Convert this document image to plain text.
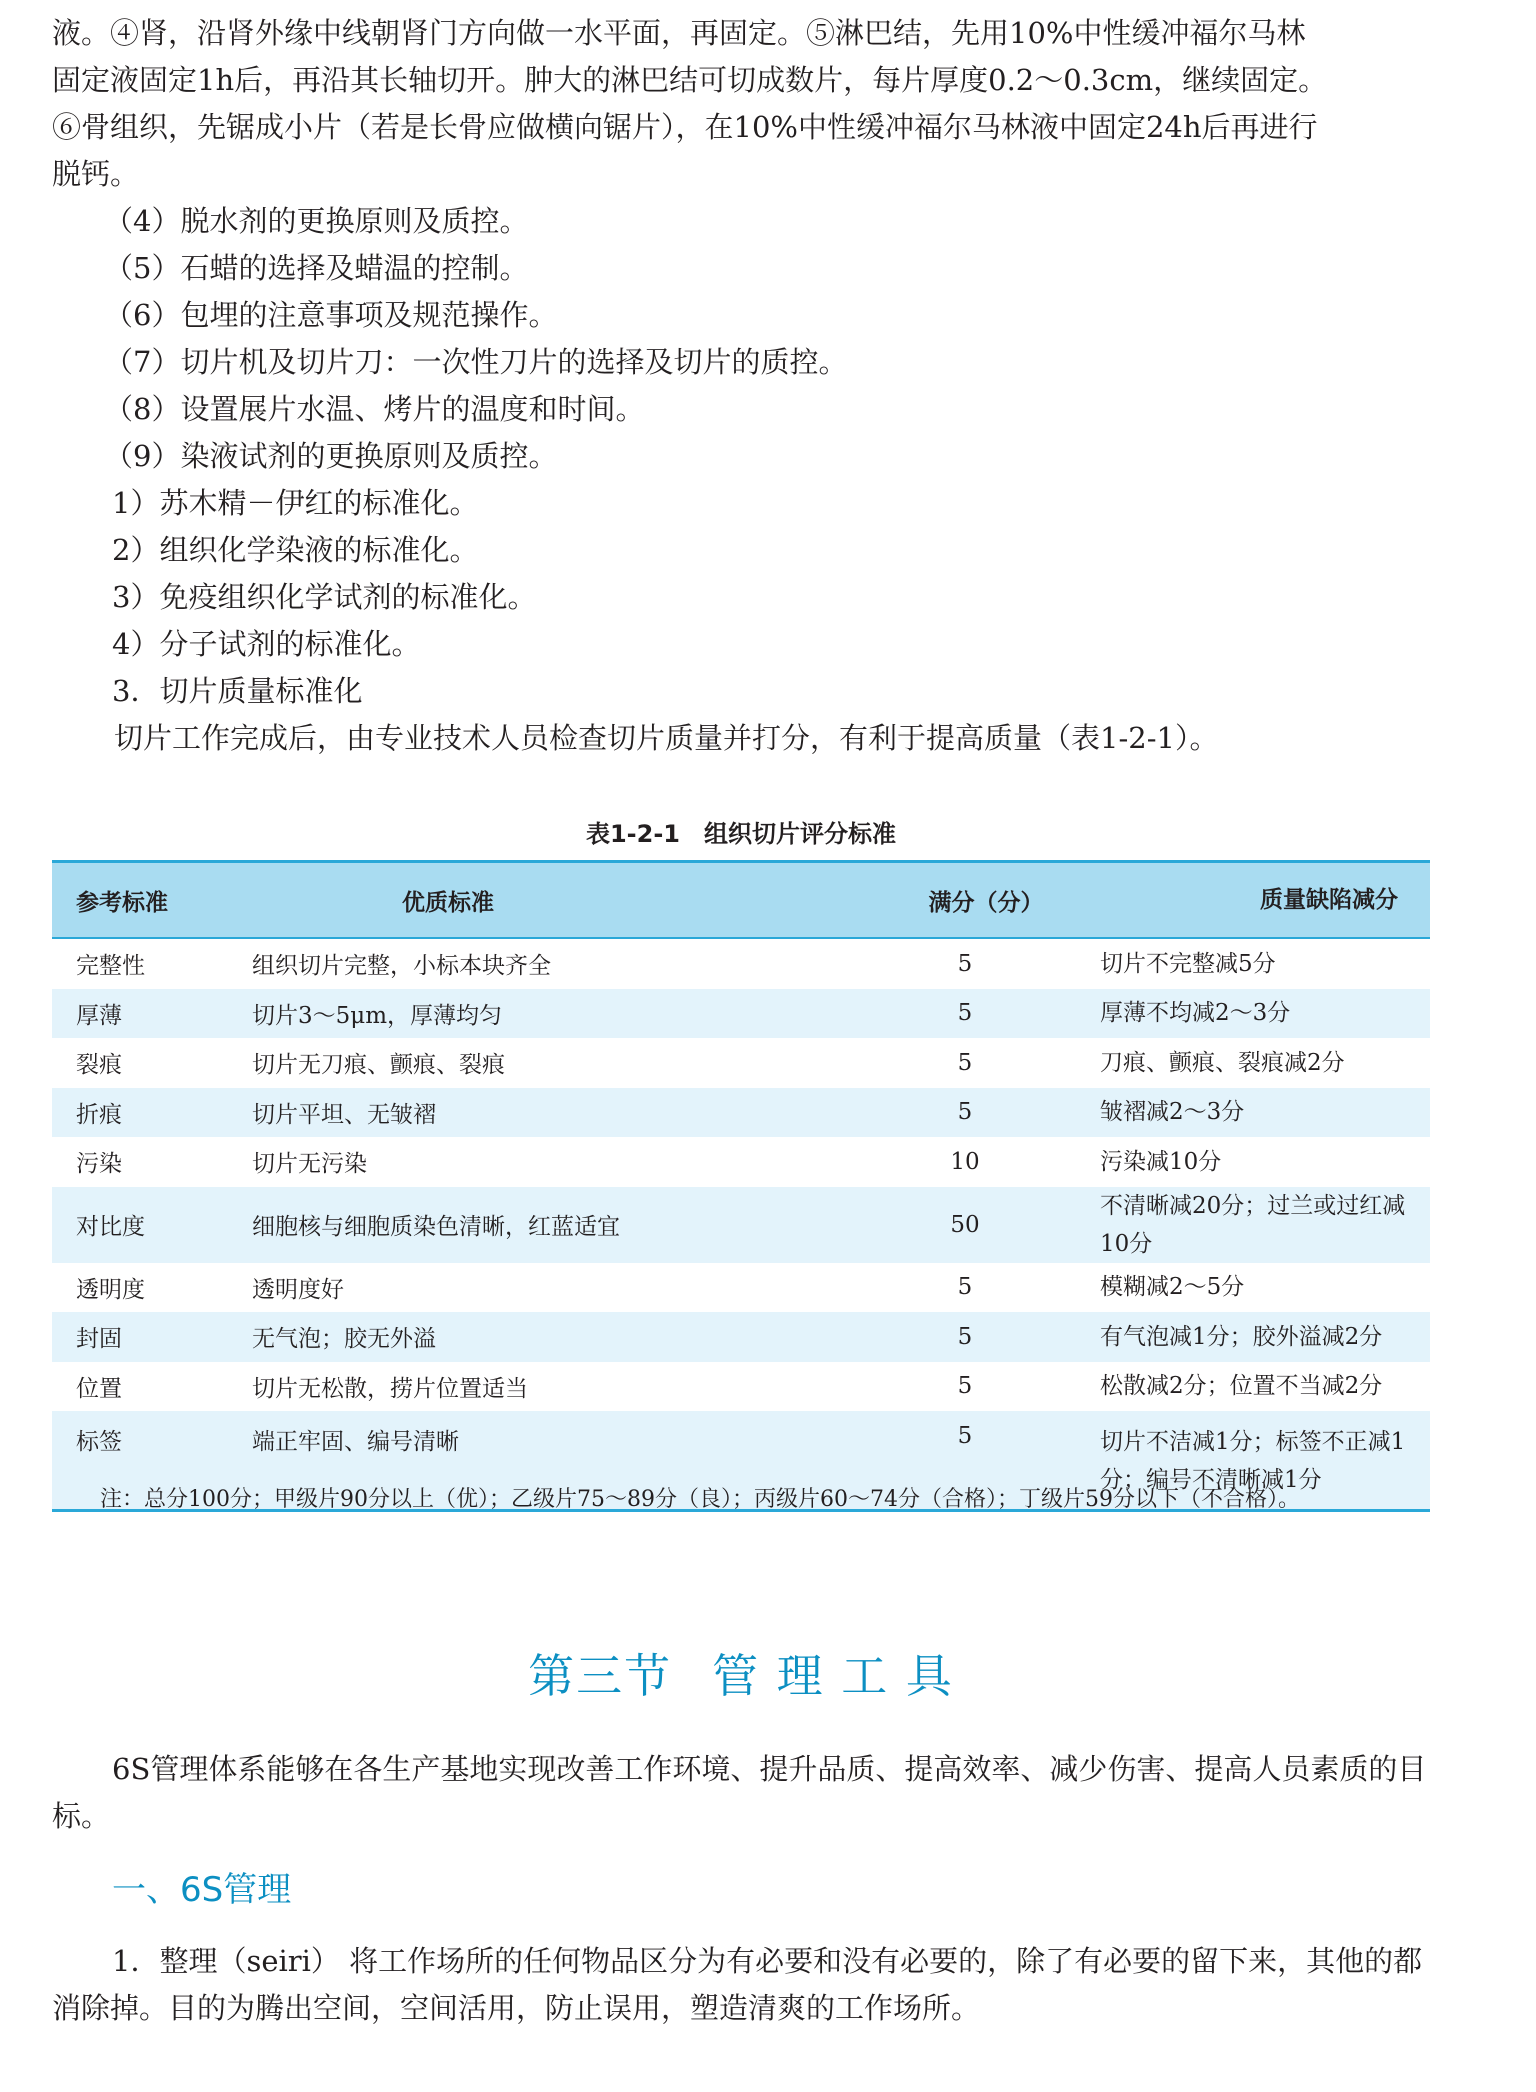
液。④肾，沿肾外缘中线朝肾门方向做一水平面，再固定。⑤淋巴结，先用10%中性缓冲福尔马林

固定液固定1h后，再沿其长轴切开。肿大的淋巴结可切成数片，每片厚度0.2～0.3cm，继续固定。

⑥骨组织，先锯成小片（若是长骨应做横向锯片），在10%中性缓冲福尔马林液中固定24h后再进行

脱钙。

（4）脱水剂的更换原则及质控。

（5）石蜡的选择及蜡温的控制。

（6）包埋的注意事项及规范操作。

（7）切片机及切片刀：一次性刀片的选择及切片的质控。

（8）设置展片水温、烤片的温度和时间。

（9）染液试剂的更换原则及质控。

1）苏木精－伊红的标准化。

2）组织化学染液的标准化。

3）免疫组织化学试剂的标准化。

4）分子试剂的标准化。

3．切片质量标准化

切片工作完成后，由专业技术人员检查切片质量并打分，有利于提高质量（表1-2-1）。

表1-2-1　组织切片评分标准
参考标准	优质标准	满分（分）	质量缺陷减分
完整性	组织切片完整，小标本块齐全	5	切片不完整减5分
厚薄	切片3～5μm，厚薄均匀	5	厚薄不均减2～3分
裂痕	切片无刀痕、颤痕、裂痕	5	刀痕、颤痕、裂痕减2分
折痕	切片平坦、无皱褶	5	皱褶减2～3分
污染	切片无污染	10	污染减10分
对比度	细胞核与细胞质染色清晰，红蓝适宜	50	不清晰减20分；过兰或过红减10分
透明度	透明度好	5	模糊减2～5分
封固	无气泡；胶无外溢	5	有气泡减1分；胶外溢减2分
位置	切片无松散，捞片位置适当	5	松散减2分；位置不当减2分
标签	端正牢固、编号清晰	5	切片不洁减1分；标签不正减1分；编号不清晰减1分
注：总分100分；甲级片90分以上（优）；乙级片75～89分（良）；丙级片60～74分（合格）；丁级片59分以下（不合格）。
第三节 管 理 工 具

6S管理体系能够在各生产基地实现改善工作环境、提升品质、提高效率、减少伤害、提高人员素质的目标。

一、6S管理

1．整理（seiri） 将工作场所的任何物品区分为有必要和没有必要的，除了有必要的留下来，其他的都消除掉。目的为腾出空间，空间活用，防止误用，塑造清爽的工作场所。
